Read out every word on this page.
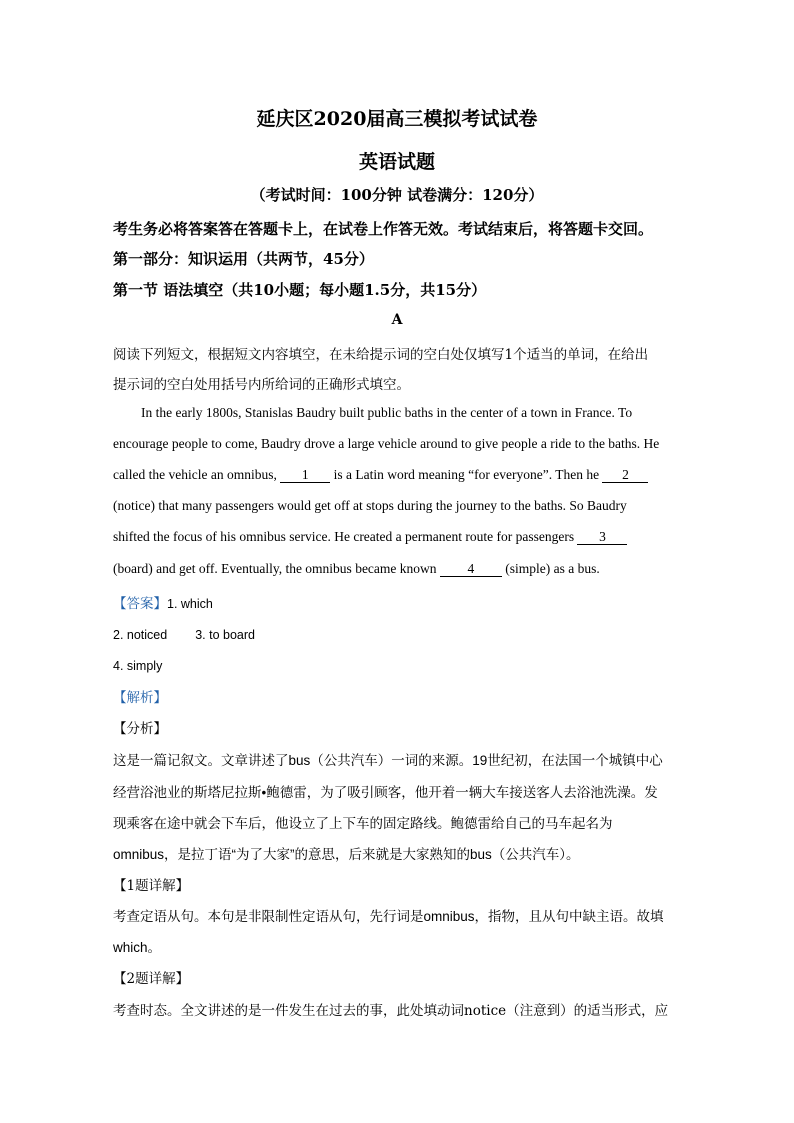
延庆区2020届高三模拟考试试卷
英语试题
（考试时间：100分钟 试卷满分：120分）
考生务必将答案答在答题卡上，在试卷上作答无效。考试结束后，将答题卡交回。
第一部分：知识运用（共两节，45分）
第一节 语法填空（共10小题；每小题1.5分，共15分）
A
阅读下列短文，根据短文内容填空，在未给提示词的空白处仅填写1个适当的单词，在给出
提示词的空白处用括号内所给词的正确形式填空。
In the early 1800s, Stanislas Baudry built public baths in the center of a town in France. To
encourage people to come, Baudry drove a large vehicle around to give people a ride to the baths. He
called the vehicle an omnibus, 1 is a Latin word meaning “for everyone”. Then he 2
(notice) that many passengers would get off at stops during the journey to the baths. So Baudry
shifted the focus of his omnibus service. He created a permanent route for passengers 3
(board) and get off. Eventually, the omnibus became known 4 (simple) as a bus.
【答案】1. which
2. noticed 3. to board
4. simply
【解析】
【分析】
这是一篇记叙文。文章讲述了bus（公共汽车）一词的来源。19世纪初，在法国一个城镇中心
经营浴池业的斯塔尼拉斯•鲍德雷，为了吸引顾客，他开着一辆大车接送客人去浴池洗澡。发
现乘客在途中就会下车后，他设立了上下车的固定路线。鲍德雷给自己的马车起名为
omnibus，是拉丁语“为了大家”的意思，后来就是大家熟知的bus（公共汽车）。
【1题详解】
考查定语从句。本句是非限制性定语从句，先行词是omnibus，指物，且从句中缺主语。故填
which。
【2题详解】
考查时态。全文讲述的是一件发生在过去的事，此处填动词notice（注意到）的适当形式，应
